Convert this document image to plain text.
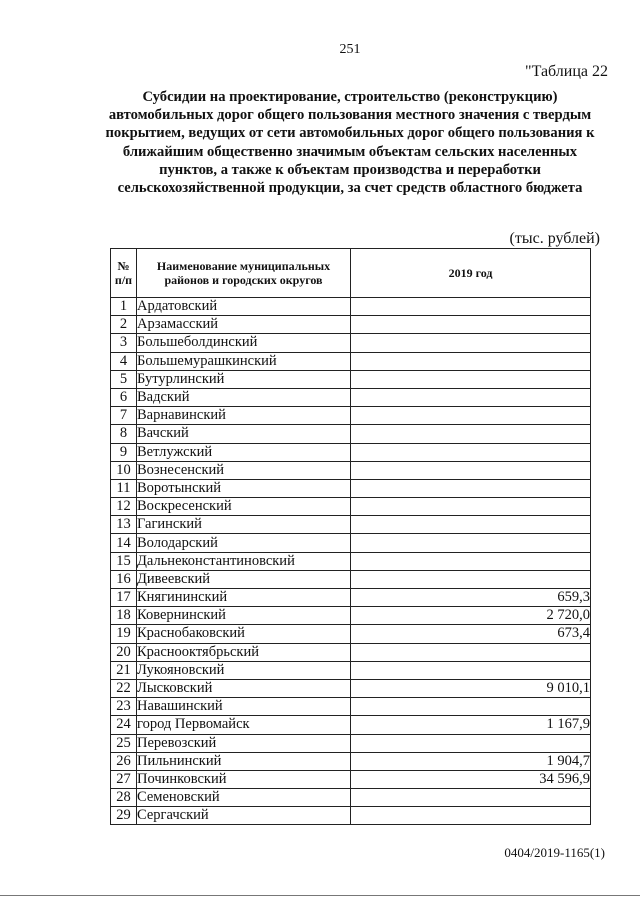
251
"Таблица 22
Субсидии на проектирование, строительство (реконструкцию) автомобильных дорог общего пользования местного значения с твердым покрытием, ведущих от сети автомобильных дорог общего пользования к ближайшим общественно значимым объектам сельских населенных пунктов, а также к объектам производства и переработки сельскохозяйственной продукции, за счет средств областного бюджета
(тыс. рублей)
№ п/п	Наименование муниципальных районов и городских округов	2019 год
1	Ардатовский	
2	Арзамасский	
3	Большеболдинский	
4	Большемурашкинский	
5	Бутурлинский	
6	Вадский	
7	Варнавинский	
8	Вачский	
9	Ветлужский	
10	Вознесенский	
11	Воротынский	
12	Воскресенский	
13	Гагинский	
14	Володарский	
15	Дальнеконстантиновский	
16	Дивеевский	
17	Княгининский	659,3
18	Ковернинский	2 720,0
19	Краснобаковский	673,4
20	Краснооктябрьский	
21	Лукояновский	
22	Лысковский	9 010,1
23	Навашинский	
24	город Первомайск	1 167,9
25	Перевозский	
26	Пильнинский	1 904,7
27	Починковский	34 596,9
28	Семеновский	
29	Сергачский	
0404/2019-1165(1)
